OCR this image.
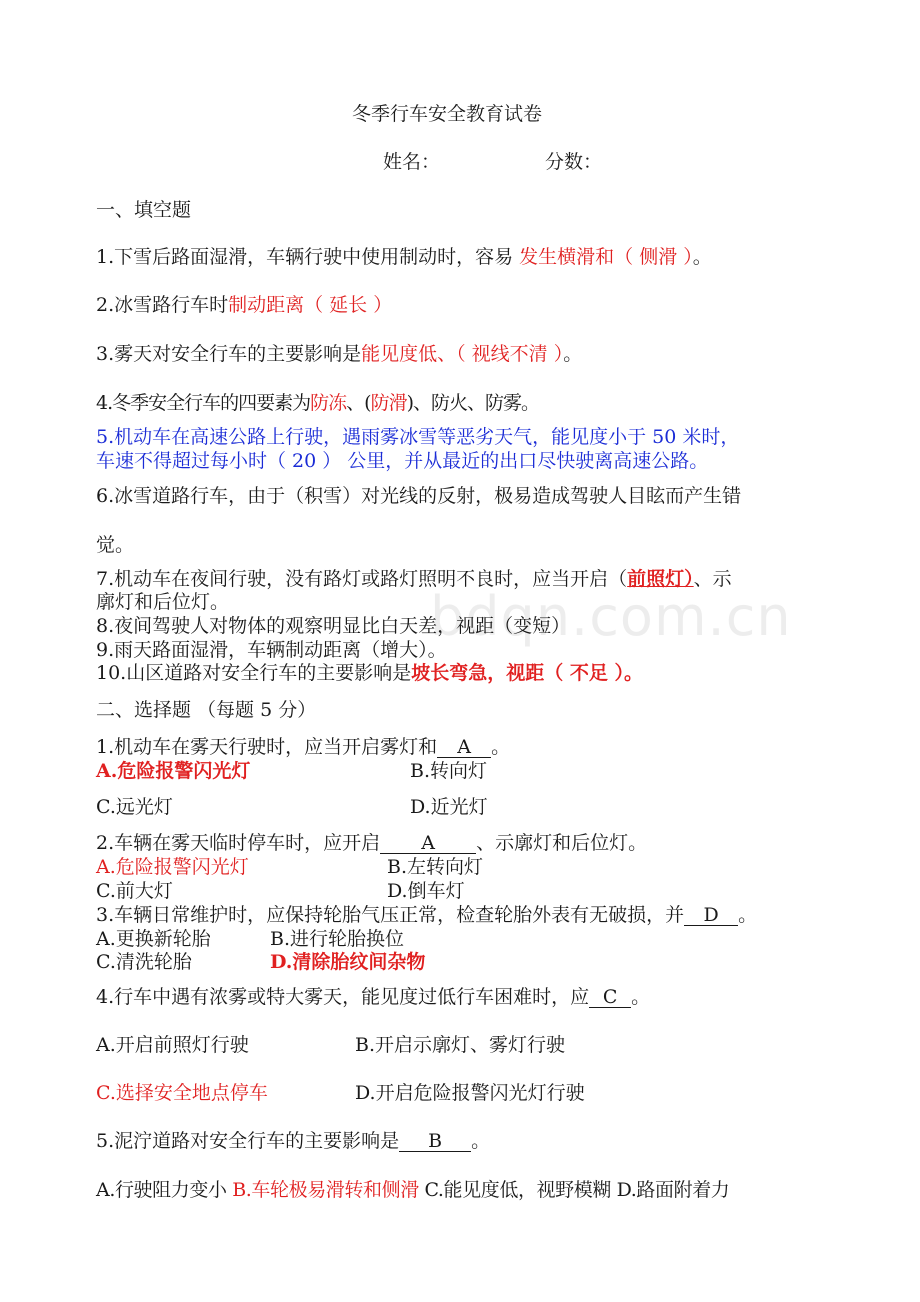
bdqn.com.cn
冬季行车安全教育试卷
姓名：	分数：
一、填空题
1.下雪后路面湿滑，车辆行驶中使用制动时，容易 发生横滑和（ 侧滑 ）。
2.冰雪路行车时制动距离（ 延长 ）
3.雾天对安全行车的主要影响是能见度低、（ 视线不清 ）。
4.冬季安全行车的四要素为防冻、(防滑)、防火、防雾。
5.机动车在高速公路上行驶，遇雨雾冰雪等恶劣天气，能见度小于 50 米时，
车速不得超过每小时（ 20 ） 公里，并从最近的出口尽快驶离高速公路。
6.冰雪道路行车，由于（积雪）对光线的反射，极易造成驾驶人目眩而产生错
觉。
7.机动车在夜间行驶，没有路灯或路灯照明不良时，应当开启（前照灯）、示
廓灯和后位灯。
8.夜间驾驶人对物体的观察明显比白天差，视距（变短）
9.雨天路面湿滑，车辆制动距离（增大）。
10.山区道路对安全行车的主要影响是坡长弯急，视距（ 不足 ）。
二、选择题 （每题 5 分）
1.机动车在雾天行驶时，应当开启雾灯和 A 。
A.危险报警闪光灯	B.转向灯
C.远光灯	D.近光灯
2.车辆在雾天临时停车时，应开启 A 、示廓灯和后位灯。
A.危险报警闪光灯	B.左转向灯
C.前大灯	D.倒车灯
3.车辆日常维护时，应保持轮胎气压正常，检查轮胎外表有无破损，并 D 。
A.更换新轮胎	B.进行轮胎换位
C.清洗轮胎	D.清除胎纹间杂物
4.行车中遇有浓雾或特大雾天，能见度过低行车困难时，应 C 。
A.开启前照灯行驶	B.开启示廓灯、雾灯行驶
C.选择安全地点停车	D.开启危险报警闪光灯行驶
5.泥泞道路对安全行车的主要影响是 B 。
A.行驶阻力变小 B.车轮极易滑转和侧滑 C.能见度低，视野模糊 D.路面附着力
